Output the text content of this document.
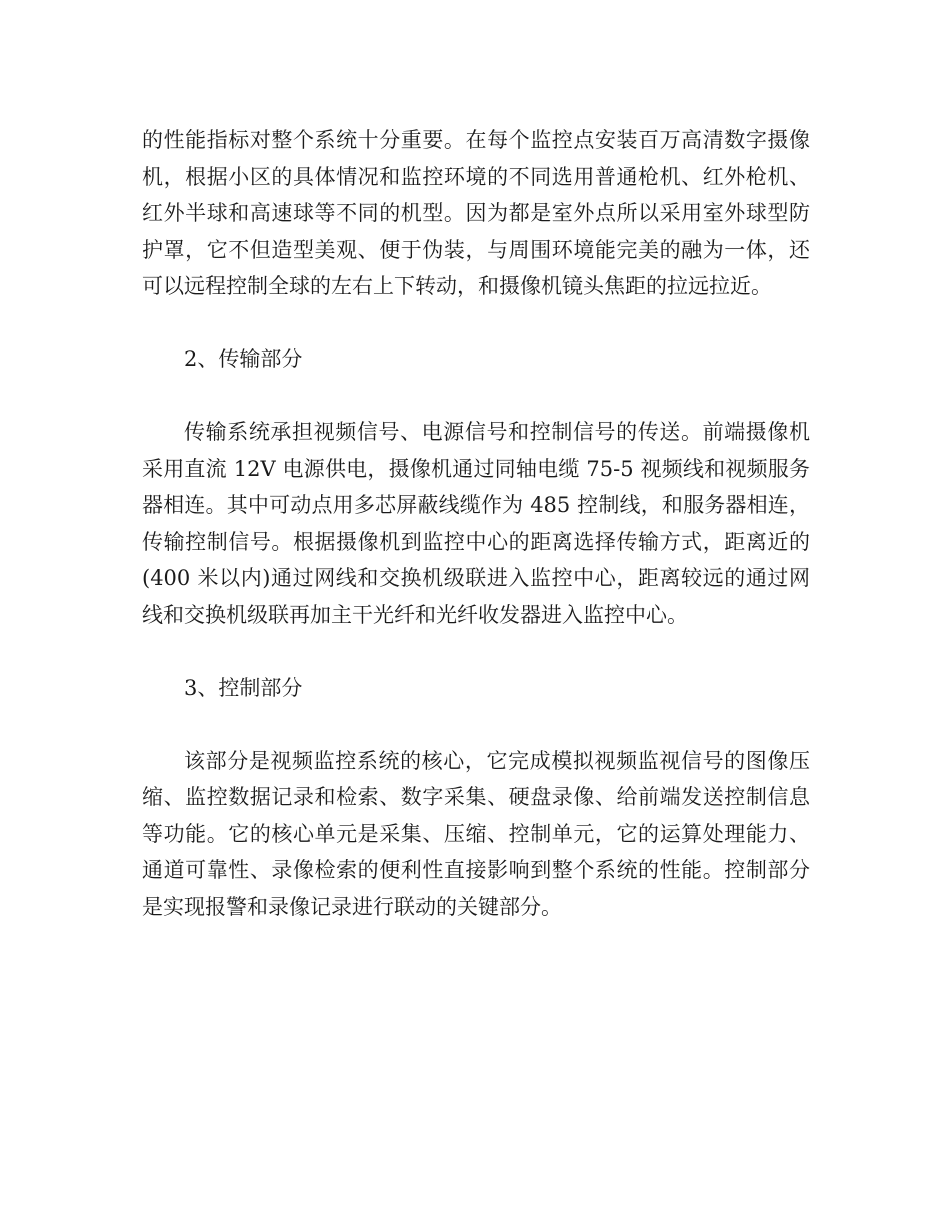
的性能指标对整个系统十分重要。在每个监控点安装百万高清数字摄像机，根据小区的具体情况和监控环境的不同选用普通枪机、红外枪机、红外半球和高速球等不同的机型。因为都是室外点所以采用室外球型防护罩，它不但造型美观、便于伪装，与周围环境能完美的融为一体，还可以远程控制全球的左右上下转动，和摄像机镜头焦距的拉远拉近。

2、传输部分

传输系统承担视频信号、电源信号和控制信号的传送。前端摄像机采用直流 12V 电源供电，摄像机通过同轴电缆 75-5 视频线和视频服务器相连。其中可动点用多芯屏蔽线缆作为 485 控制线，和服务器相连，传输控制信号。根据摄像机到监控中心的距离选择传输方式，距离近的(400 米以内)通过网线和交换机级联进入监控中心，距离较远的通过网线和交换机级联再加主干光纤和光纤收发器进入监控中心。

3、控制部分

该部分是视频监控系统的核心，它完成模拟视频监视信号的图像压缩、监控数据记录和检索、数字采集、硬盘录像、给前端发送控制信息等功能。它的核心单元是采集、压缩、控制单元，它的运算处理能力、通道可靠性、录像检索的便利性直接影响到整个系统的性能。控制部分是实现报警和录像记录进行联动的关键部分。
